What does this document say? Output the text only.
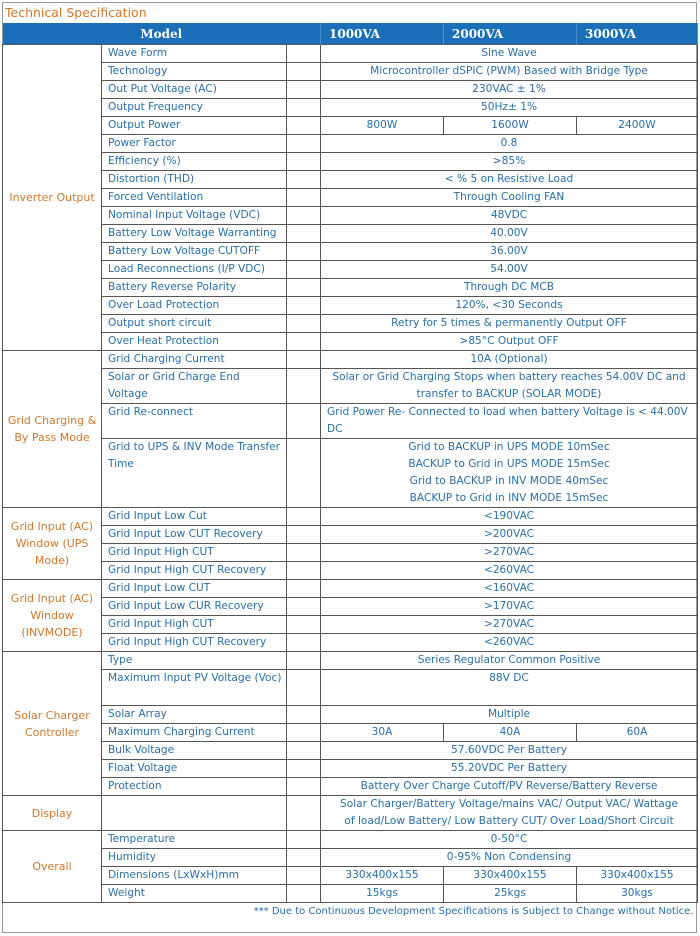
Technical Specification
Model			1000VA	2000VA	3000VA
Inverter Output	Wave Form		Sine Wave		
	Technology		Microcontroller dSPIC (PWM) Based with Bridge Type		
	Out Put Voltage (AC)		230VAC ± 1%		
	Output Frequency		50Hz± 1%		
	Output Power		800W	1600W	2400W
	Power Factor		0.8		
	Efficiency (%)		>85%		
	Distortion (THD)		< % 5 on Resistive Load		
	Forced Ventilation		Through Cooling FAN		
	Nominal Input Voltage (VDC)		48VDC		
	Battery Low Voltage Warranting		40.00V		
	Battery Low Voltage CUTOFF		36.00V		
	Load Reconnections (I/P VDC)		54.00V		
	Battery Reverse Polarity		Through DC MCB		
	Over Load Protection		120%, <30 Seconds		
	Output short circuit		Retry for 5 times & permanently Output OFF		
	Over Heat Protection		>85°C Output OFF		
Grid Charging & By Pass Mode	Grid Charging Current		10A (Optional)		
	Solar or Grid Charge End Voltage		Solar or Grid Charging Stops when battery reaches 54.00V DC and transfer to BACKUP (SOLAR MODE)		
	Grid Re-connect		Grid Power Re- Connected to load when battery Voltage is < 44.00V DC		
	Grid to UPS & INV Mode Transfer Time		Grid to BACKUP in UPS MODE 10mSec
BACKUP to Grid in UPS MODE 15mSec
Grid to BACKUP in INV MODE 40mSec
BACKUP to Grid in INV MODE 15mSec		

Grid Input (AC) Window (UPS Mode)	Grid Input Low Cut		<190VAC		
	Grid Input Low CUT Recovery		>200VAC		
	Grid Input High CUT		>270VAC		
	Grid Input High CUT Recovery		<260VAC		
Grid Input (AC) Window (INVMODE)	Grid Input Low CUT		<160VAC		
	Grid Input Low CUR Recovery		>170VAC		
	Grid Input High CUT		>270VAC		
	Grid Input High CUT Recovery		<260VAC		
Solar Charger Controller	Type		Series Regulator Common Positive		
	Maximum Input PV Voltage (Voc)		88V DC		
	Solar Array		Multiple		
	Maximum Charging Current		30A	40A	60A
	Bulk Voltage		57.60VDC Per Battery		
	Float Voltage		55.20VDC Per Battery		
	Protection		Battery Over Charge Cutoff/PV Reverse/Battery Reverse		
Display			Solar Charger/Battery Voltage/mains VAC/ Output VAC/ Wattage of load/Low Battery/ Low Battery CUT/ Over Load/Short Circuit		
Overall	Temperature		0-50°C		
	Humidity		0-95% Non Condensing		
	Dimensions (LxWxH)mm		330x400x155	330x400x155	330x400x155
	Weight		15kgs	25kgs	30kgs
*** Due to Continuous Development Specifications is Subject to Change without Notice.					
